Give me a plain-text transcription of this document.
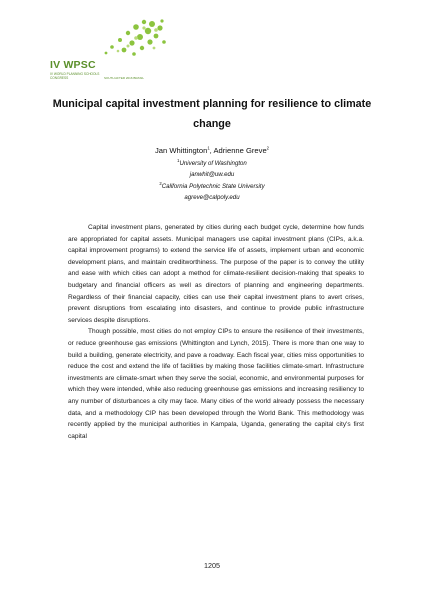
IV WPSC
IV WORLD PLANNING SCHOOLS CONGRESS	SOUTH AFTER 2016 BRASIL
Municipal capital investment planning for resilience to climate change
Jan Whittington$^1$, Adrienne Greve$^2$
$^1$University of Washington
janwhit@uw.edu
$^2$California Polytechnic State University
agreve@calpoly.edu

Capital investment plans, generated by cities during each budget cycle, determine how funds are appropriated for capital assets. Municipal managers use capital investment plans (CIPs, a.k.a. capital improvement programs) to extend the service life of assets, implement urban and economic development plans, and maintain creditworthiness. The purpose of the paper is to convey the utility and ease with which cities can adopt a method for climate-resilient decision-making that speaks to budgetary and financial officers as well as directors of planning and engineering departments. Regardless of their financial capacity, cities can use their capital investment plans to avert crises, prevent disruptions from escalating into disasters, and continue to provide public infrastructure services despite disruptions.

Though possible, most cities do not employ CIPs to ensure the resilience of their investments, or reduce greenhouse gas emissions (Whittington and Lynch, 2015). There is more than one way to build a building, generate electricity, and pave a roadway. Each fiscal year, cities miss opportunities to reduce the cost and extend the life of facilities by making those facilities climate-smart. Infrastructure investments are climate-smart when they serve the social, economic, and environmental purposes for which they were intended, while also reducing greenhouse gas emissions and increasing resiliency to any number of disturbances a city may face. Many cities of the world already possess the necessary data, and a methodology CIP has been developed through the World Bank. This methodology was recently applied by the municipal authorities in Kampala, Uganda, generating the capital city's first capital

1205
